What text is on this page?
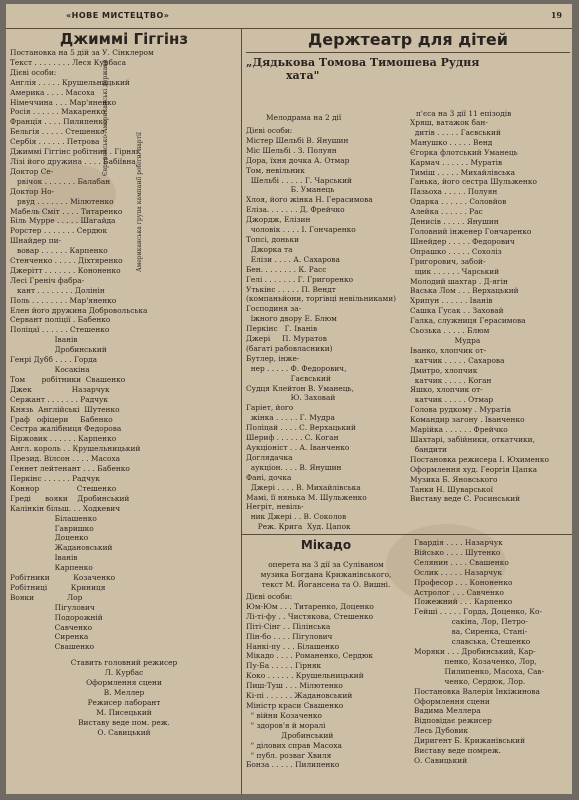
«НОВЕ МИСТЕЦТВО»	19
Джиммі Гіггінз
Постановка на 5 дій за У. Сінклером
Текст . . . . . . . . Леся Курбаса
Дієві особи:
Англія . . . . . Крушельницький
Америка . . . . Масоха
Німеччина . . . Мар'яненко
Росія . . . . . . Макаренко
Франція . . . . Пилипенко
Бельгія . . . . . Стешенко
Сербія . . . . . . Петрова
Джиммі Гіггінс робітник . Гірняк
Лізі його дружина . . . . Бабіївна
Доктор Се-
рвічок . . . . . . . Балабан
Доктор Но-
рвуд . . . . . . . Мілютенко
Мабель Сміт . . . . Титаренко
Біль Мурре . . . . . Шагайда
Рорстер . . . . . . . Сердюк
Шнайдер пи-
вовар . . . . . . Карпенко
Стенченко . . . . . Діхтяренко
Джерітт . . . . . . . Кононенко
Лесі Греніч фабра-
кант . . . . . . . . Долінін
Поль . . . . . . . . Мар'яненко
Елен його дружина Добровольська
Сервант поліції . Бабенко
Поліцаї . . . . . . Стешенко
Іванів
Дробинський
Генрі Дубб . . . . Горда
Косакіна
Том       робітники  Свашенко
Джек                 Назарчук
Сержант . . . . . . . Радчук
Князь  Англійські  Шутенко
Граф   офіцери     Бабенко
Сестра жалібниця Федорова
Біржовик . . . . . . Карпенко
Англ. король . . Крушельницький
Презид. Вілсон . . . . Масоха
Геннет лейтенант . . . Бабенко
Перкінс . . . . . . Радчук
Коннор                Стешенко
Греді      вояки    Дробинський
Калінкін більш. . . Ходкевич
Білашенко
Гавришко
Доценко
Жадановський
Іванів
Карпенко
Робітники          Козаченко
Робітниці          Криниця
Вояки              Лор
Пігулович
Подорожній
Савченко
Сиренка
Свашенко
Ставить головний режисер
Л. Курбас
Оформлення сцени
В. Меллер
Режисер лаборант
М. Писецький
Виставу веде пом. реж.
О. Савицький
Європейсько-Американські держави
Американська група кампанії робітн. партії
Держтеатр для дітей
„Дядькова Томова Тимошева Рудня
хата"
Мелодрама на 2 дії	п'єса на 3 дії 11 епізодів
Дієві особи:
Містер Шельбі В. Янушин
Міс Шельбі . З. Полуян
Дора, їхня дочка А. Отмар
Том, невільник
Шельбі . . . . . Г. Чарський
Б. Уманець
Хлоя, його жінка Н. Герасимова
Еліза. . . . . . . Д. Фрейчко
Джордж, Елізин
чоловік . . . . І. Гончаренко
Топсі, доньки
Джорка та
Елізи . . . . А. Сахарова
Бен. . . . . . . . К. Расс
Гелі . . . . . . . Г. Григоренко
Утькінс . . . . . П. Вендт
(компаньйони, торгівці невільниками)
Господиня за-
їжного двору Е. Блюм
Перкінс   Г. Іванів
Джері     П. Муратов
(багаті рабовласники)
Бутлер, інже-
нер . . . . . Ф. Федорович,
Гаєвський
Судця Клейтон В. Уманець,
Ю. Заховай
Гаріет, його
жінка . . . . . Г. Мудра
Поліцай . . . . С. Верхацький
Шериф . . . . . . С. Коган
Аукціоніст . . А. Іванченко
Доглядачка
аукціон. . . . В. Янушин
Фані, дочка
Джері . . . . В. Михайлівська
Мамі, її нянька М. Шульженко
Негріт, невіль-
ник Джері . . В. Соколов
Реж. Крига  Худ. Цапок
Хряш, ватажок бан-
дитів . . . . . Гаєвський
Манушко . . . . . Венд
Єгорка флотський Уманець
Кармач . . . . . . Муратів
Тиміш . . . . . Михайлівська
Ганька, його сестра Шульженко
Пазьоха . . . . . Полуян
Одарка . . . . . . Соловйов
Алейка . . . . . . Рас
Денисів . . . . . Янушин
Головний інженер Гончаренко
Шнейдер . . . . . Федорович
Опрашко . . . . . Сохоліз
Григорович, забой-
щик . . . . . . Чарський
Молодий шахтар . Д-ягін
Васька Лом . . . Верхацький
Хрипун . . . . . . Іванів
Сашка Гусак . . Заховай
Галка, служниця Герасимова
Сьозька . . . . . Блюм
Мудра
Іванко, хлопчик от-
катчик . . . . . Сахарова
Дмитро, хлопчик
катчик . . . . . Коган
Яшко, хлопчик от-
катчик . . . . . Отмар
Голова рудкому . Муратів
Командир загону . Іванченко
Марійка . . . . . . Фрейчко
Шахтарі, забійники, откатчики,
бандити
Постановка режисера І. Юхименко
Оформлення худ. Георгія Цапка
Музика Б. Яновського
Танки Н. Шуварської
Виставу веде С. Росинський
Мікадо
оперета на 3 дії за Суліваном
музика Богдана Крижанівського,
текст М. Йогансена та О. Вишні.
Дієві особи:
Юм-Юм . . . Титаренко, Доценко
Лі-ті-фу . . Чистякова, Стешенко
Піті-Сінг . . Пілінська
Пін-бо . . . . Пігулович
Нанкі-пу . . . Білашенко
Мікадо . . . . Романенко, Сердюк
Пу-Ба . . . . . Гірняк
Коко . . . . . . Крушельницький
Пиш-Туш . . . Мілютенко
Кі-пі . . . . . . Жадановський
Міністр краси Свашенко
" війни Козаченко
" здоров'я й моралі
Дробинський
" ділових справ Масоха
" публ. розваг Хвиля
Бонза . . . . . Пилипенко
Гвардія . . . . Назарчук
Військо . . . . Шутенко
Селянин . . . . Свашенко
Ослик . . . . . Назарчук
Професор . . . Кононенко
Астролог . . . Савченко
Пожежний . . . Карпенко
Гейші . . . . . Горда, Доценко, Ко-
сакіна, Лор, Петро-
ва, Сиренка, Стані-
славська, Стешенко
Моряки . . . Дробинський, Кар-
пенко, Козаченко, Лор,
Пилипенко, Масоха, Сав-
ченко, Сердюк, Лор.
Постановка Валерія Інкіжинова
Оформлення сцени
Вадима Меллера
Відповідає режисер
Лесь Дубовик
Диригент Б. Крижанівський
Виставу веде помреж.
О. Савицький
